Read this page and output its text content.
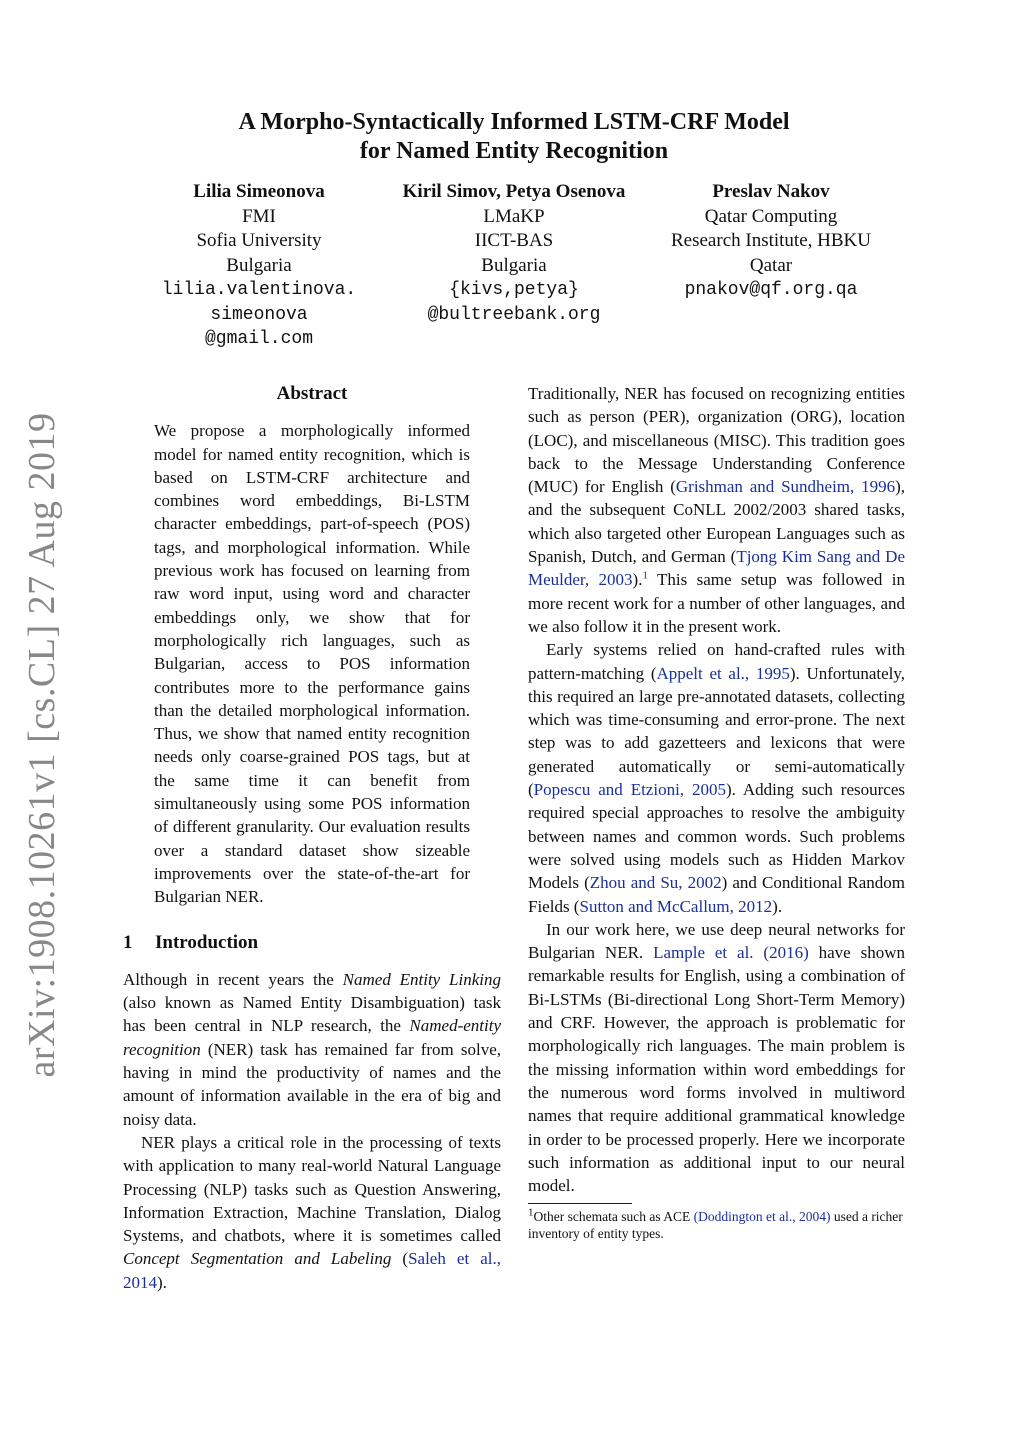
arXiv:1908.10261v1 [cs.CL] 27 Aug 2019
A Morpho-Syntactically Informed LSTM-CRF Model
for Named Entity Recognition
Lilia Simeonova
FMI
Sofia University
Bulgaria
lilia.valentinova.
simeonova
@gmail.com
Kiril Simov, Petya Osenova
LMaKP
IICT-BAS
Bulgaria
{kivs,petya}
@bultreebank.org
Preslav Nakov
Qatar Computing
Research Institute, HBKU
Qatar
pnakov@qf.org.qa
Abstract

We propose a morphologically informed model for named entity recognition, which is based on LSTM-CRF architecture and combines word embeddings, Bi-LSTM character embeddings, part-of-speech (POS) tags, and morphological information. While previous work has focused on learning from raw word input, using word and character embeddings only, we show that for morphologically rich languages, such as Bulgarian, access to POS information contributes more to the performance gains than the detailed morphological information. Thus, we show that named entity recognition needs only coarse-grained POS tags, but at the same time it can benefit from simultaneously using some POS information of different granularity. Our evaluation results over a standard dataset show sizeable improvements over the state-of-the-art for Bulgarian NER.

1 Introduction

Although in recent years the Named Entity Linking (also known as Named Entity Disambiguation) task has been central in NLP research, the Named-entity recognition (NER) task has remained far from solve, having in mind the productivity of names and the amount of information available in the era of big and noisy data.

NER plays a critical role in the processing of texts with application to many real-world Natural Language Processing (NLP) tasks such as Question Answering, Information Extraction, Machine Translation, Dialog Systems, and chatbots, where it is sometimes called Concept Segmentation and Labeling (Saleh et al., 2014).

Traditionally, NER has focused on recognizing entities such as person (PER), organization (ORG), location (LOC), and miscellaneous (MISC). This tradition goes back to the Message Understanding Conference (MUC) for English (Grishman and Sundheim, 1996), and the subsequent CoNLL 2002/2003 shared tasks, which also targeted other European Languages such as Spanish, Dutch, and German (Tjong Kim Sang and De Meulder, 2003).$^1$ This same setup was followed in more recent work for a number of other languages, and we also follow it in the present work.

Early systems relied on hand-crafted rules with pattern-matching (Appelt et al., 1995). Unfortunately, this required an large pre-annotated datasets, collecting which was time-consuming and error-prone. The next step was to add gazetteers and lexicons that were generated automatically or semi-automatically (Popescu and Etzioni, 2005). Adding such resources required special approaches to resolve the ambiguity between names and common words. Such problems were solved using models such as Hidden Markov Models (Zhou and Su, 2002) and Conditional Random Fields (Sutton and McCallum, 2012).

In our work here, we use deep neural networks for Bulgarian NER. Lample et al. (2016) have shown remarkable results for English, using a combination of Bi-LSTMs (Bi-directional Long Short-Term Memory) and CRF. However, the approach is problematic for morphologically rich languages. The main problem is the missing information within word embeddings for the numerous word forms involved in multiword names that require additional grammatical knowledge in order to be processed properly. Here we incorporate such information as additional input to our neural model.

$^1$Other schemata such as ACE (Doddington et al., 2004) used a richer inventory of entity types.
